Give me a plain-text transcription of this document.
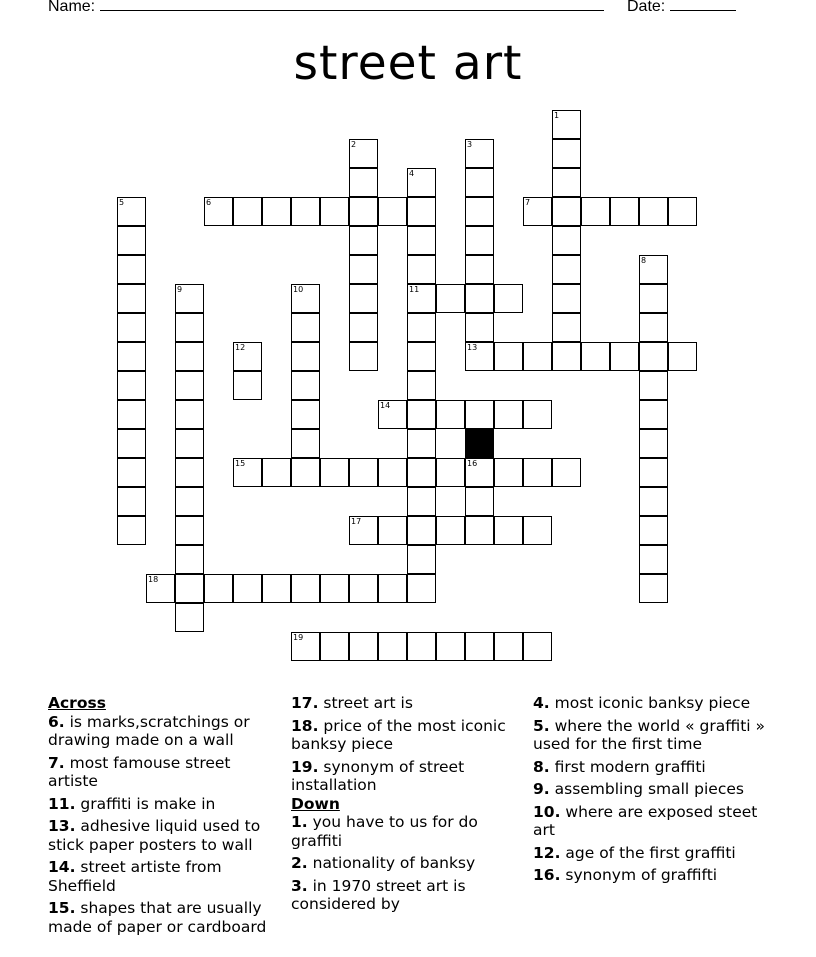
Name:	Date:
street art
6	7
11
13
14
15	16
17
18
19
1
2	3
4
5
8
9	10
12
Across
6. is marks,scratchings or drawing made on a wall
7. most famouse street artiste
11. graffiti is make in
13. adhesive liquid used to stick paper posters to wall
14. street artiste from Sheffield
15. shapes that are usually made of paper or cardboard
17. street art is
18. price of the most iconic banksy piece
19. synonym of street installation
Down
1. you have to us for do graffiti
2. nationality of banksy
3. in 1970 street art is considered by
4. most iconic banksy piece
5. where the world « graffiti » used for the first time
8. first modern graffiti
9. assembling small pieces
10. where are exposed steet art
12. age of the first graffiti
16. synonym of graffifti
